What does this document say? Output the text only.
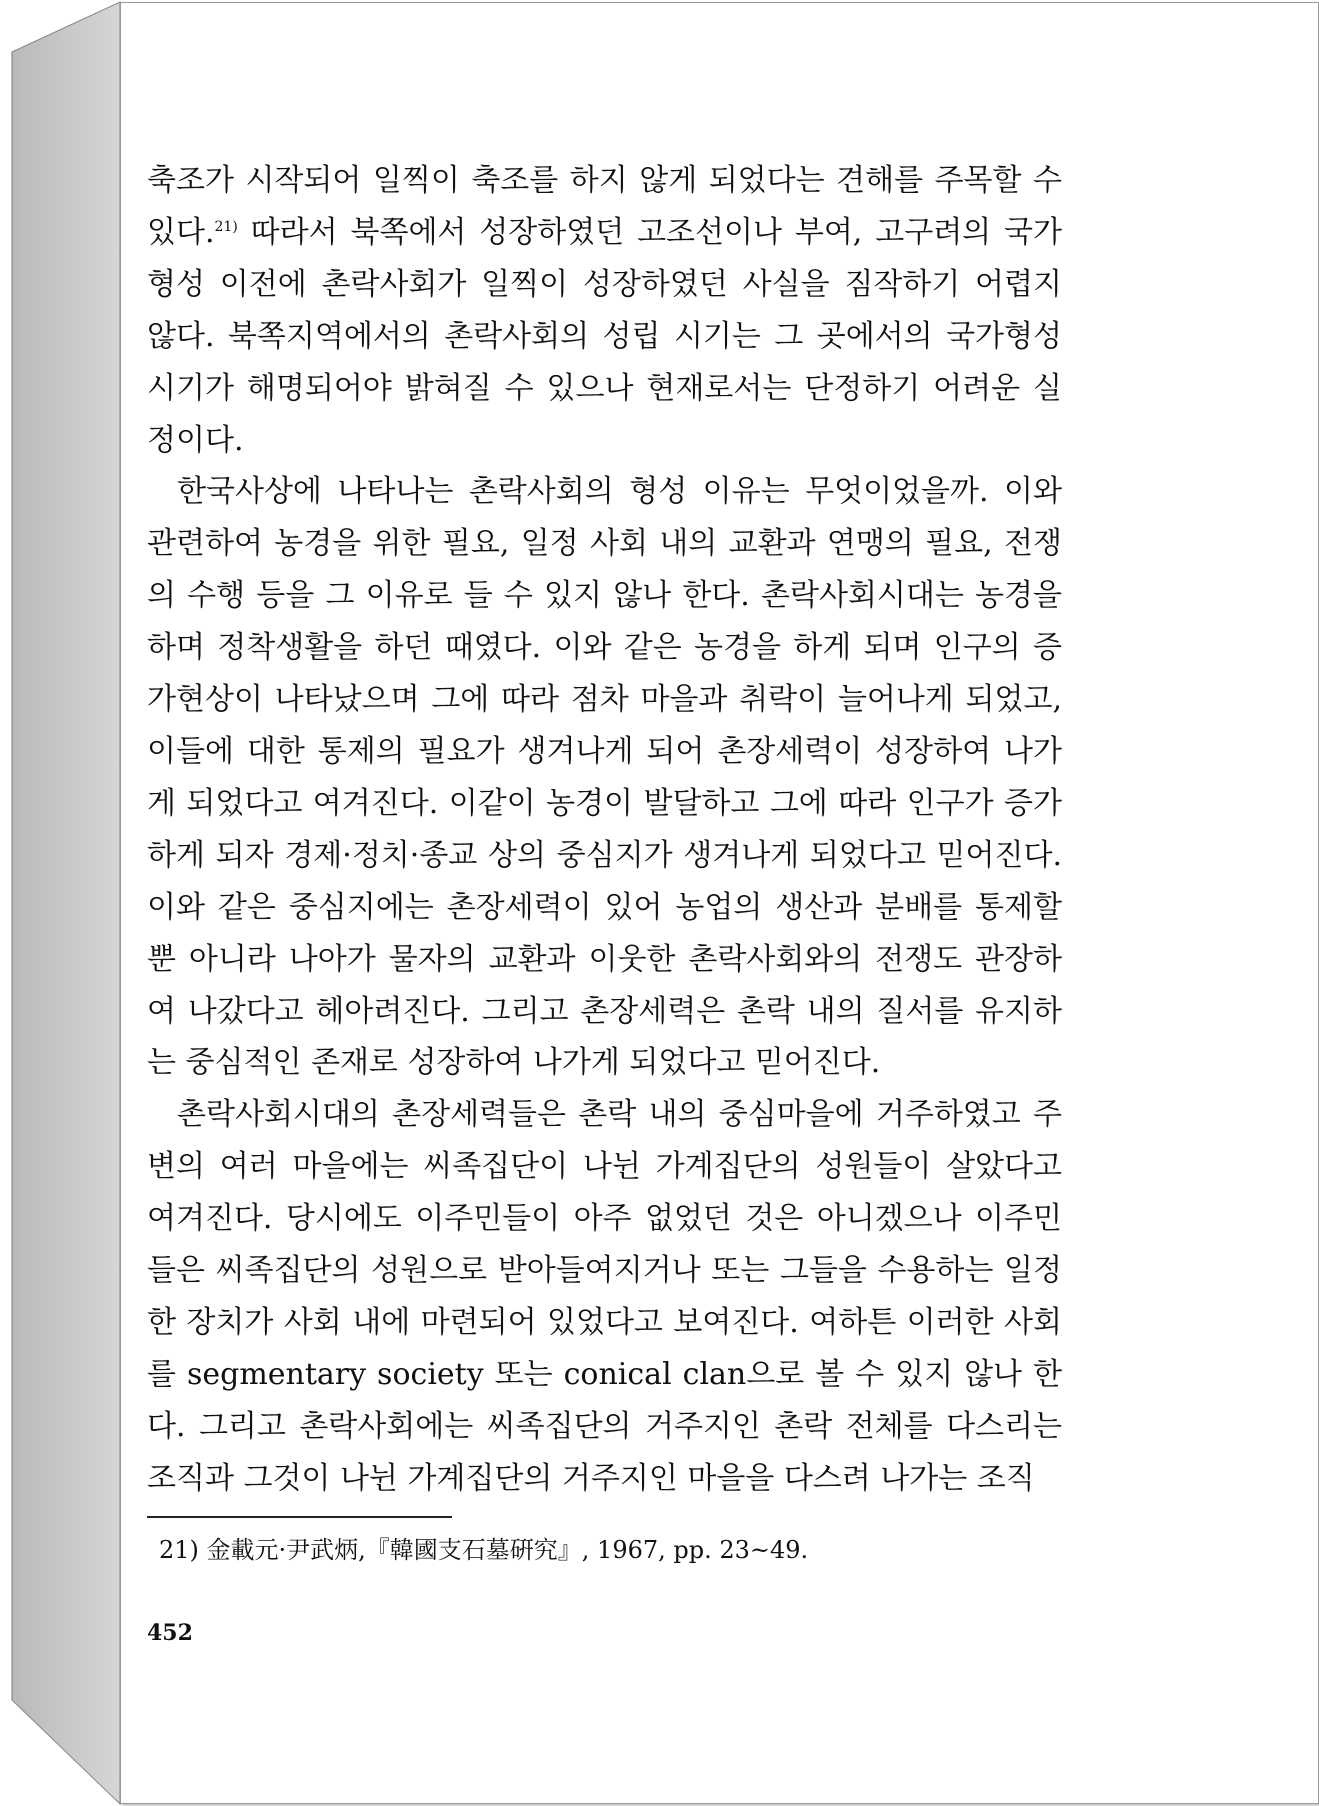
축조가 시작되어 일찍이 축조를 하지 않게 되었다는 견해를 주목할 수 있다.$^{21)}$ 따라서 북쪽에서 성장하였던 고조선이나 부여, 고구려의 국가형성 이전에 촌락사회가 일찍이 성장하였던 사실을 짐작하기 어렵지 않다. 북쪽지역에서의 촌락사회의 성립 시기는 그 곳에서의 국가형성 시기가 해명되어야 밝혀질 수 있으나 현재로서는 단정하기 어려운 실정이다.

한국사상에 나타나는 촌락사회의 형성 이유는 무엇이었을까. 이와 관련하여 농경을 위한 필요, 일정 사회 내의 교환과 연맹의 필요, 전쟁의 수행 등을 그 이유로 들 수 있지 않나 한다. 촌락사회시대는 농경을 하며 정착생활을 하던 때였다. 이와 같은 농경을 하게 되며 인구의 증가현상이 나타났으며 그에 따라 점차 마을과 취락이 늘어나게 되었고, 이들에 대한 통제의 필요가 생겨나게 되어 촌장세력이 성장하여 나가게 되었다고 여겨진다. 이같이 농경이 발달하고 그에 따라 인구가 증가하게 되자 경제·정치·종교 상의 중심지가 생겨나게 되었다고 믿어진다. 이와 같은 중심지에는 촌장세력이 있어 농업의 생산과 분배를 통제할 뿐 아니라 나아가 물자의 교환과 이웃한 촌락사회와의 전쟁도 관장하여 나갔다고 헤아려진다. 그리고 촌장세력은 촌락 내의 질서를 유지하는 중심적인 존재로 성장하여 나가게 되었다고 믿어진다.

촌락사회시대의 촌장세력들은 촌락 내의 중심마을에 거주하였고 주변의 여러 마을에는 씨족집단이 나뉜 가계집단의 성원들이 살았다고 여겨진다. 당시에도 이주민들이 아주 없었던 것은 아니겠으나 이주민들은 씨족집단의 성원으로 받아들여지거나 또는 그들을 수용하는 일정한 장치가 사회 내에 마련되어 있었다고 보여진다. 여하튼 이러한 사회를 segmentary society 또는 conical clan으로 볼 수 있지 않나 한다. 그리고 촌락사회에는 씨족집단의 거주지인 촌락 전체를 다스리는 조직과 그것이 나뉜 가계집단의 거주지인 마을을 다스려 나가는 조직

21) 金載元·尹武炳,『韓國支石墓硏究』, 1967, pp. 23~49.
452
